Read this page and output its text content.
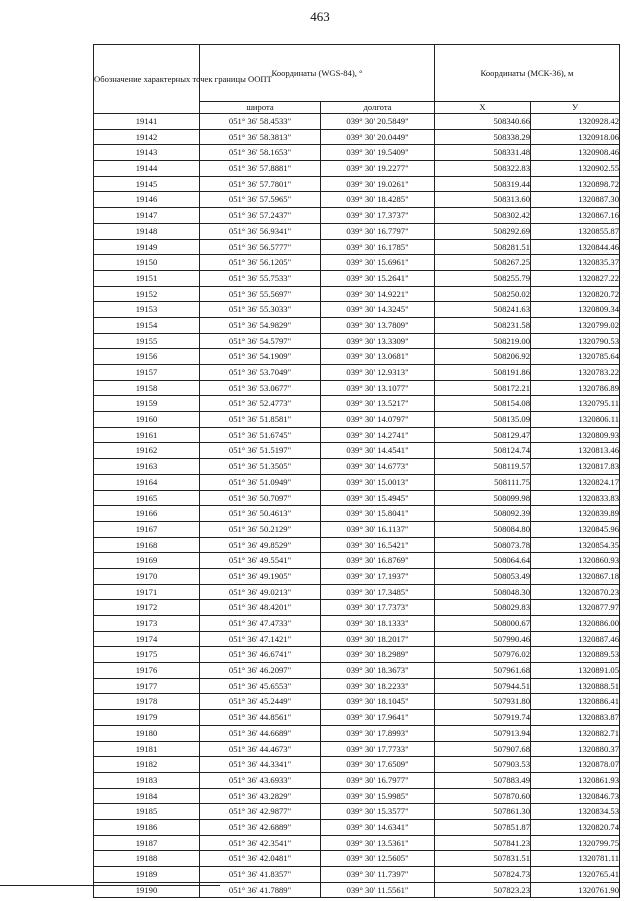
463
Обозначение характерных точек границы ООПТ	Координаты (WGS-84), °		Координаты (МСК-36), м	
	широта	долгота	X	У
19141	051° 36' 58.4533"	039° 30' 20.5849"	508340.66	1320928.42
19142	051° 36' 58.3813"	039° 30' 20.0449"	508338.29	1320918.06
19143	051° 36' 58.1653"	039° 30' 19.5409"	508331.48	1320908.46
19144	051° 36' 57.8881"	039° 30' 19.2277"	508322.83	1320902.55
19145	051° 36' 57.7801"	039° 30' 19.0261"	508319.44	1320898.72
19146	051° 36' 57.5965"	039° 30' 18.4285"	508313.60	1320887.30
19147	051° 36' 57.2437"	039° 30' 17.3737"	508302.42	1320867.16
19148	051° 36' 56.9341"	039° 30' 16.7797"	508292.69	1320855.87
19149	051° 36' 56.5777"	039° 30' 16.1785"	508281.51	1320844.46
19150	051° 36' 56.1205"	039° 30' 15.6961"	508267.25	1320835.37
19151	051° 36' 55.7533"	039° 30' 15.2641"	508255.79	1320827.22
19152	051° 36' 55.5697"	039° 30' 14.9221"	508250.02	1320820.72
19153	051° 36' 55.3033"	039° 30' 14.3245"	508241.63	1320809.34
19154	051° 36' 54.9829"	039° 30' 13.7809"	508231.58	1320799.02
19155	051° 36' 54.5797"	039° 30' 13.3309"	508219.00	1320790.53
19156	051° 36' 54.1909"	039° 30' 13.0681"	508206.92	1320785.64
19157	051° 36' 53.7049"	039° 30' 12.9313"	508191.86	1320783.22
19158	051° 36' 53.0677"	039° 30' 13.1077"	508172.21	1320786.89
19159	051° 36' 52.4773"	039° 30' 13.5217"	508154.08	1320795.11
19160	051° 36' 51.8581"	039° 30' 14.0797"	508135.09	1320806.11
19161	051° 36' 51.6745"	039° 30' 14.2741"	508129.47	1320809.93
19162	051° 36' 51.5197"	039° 30' 14.4541"	508124.74	1320813.46
19163	051° 36' 51.3505"	039° 30' 14.6773"	508119.57	1320817.83
19164	051° 36' 51.0949"	039° 30' 15.0013"	508111.75	1320824.17
19165	051° 36' 50.7097"	039° 30' 15.4945"	508099.98	1320833.83
19166	051° 36' 50.4613"	039° 30' 15.8041"	508092.39	1320839.89
19167	051° 36' 50.2129"	039° 30' 16.1137"	508084.80	1320845.96
19168	051° 36' 49.8529"	039° 30' 16.5421"	508073.78	1320854.35
19169	051° 36' 49.5541"	039° 30' 16.8769"	508064.64	1320860.93
19170	051° 36' 49.1905"	039° 30' 17.1937"	508053.49	1320867.18
19171	051° 36' 49.0213"	039° 30' 17.3485"	508048.30	1320870.23
19172	051° 36' 48.4201"	039° 30' 17.7373"	508029.83	1320877.97
19173	051° 36' 47.4733"	039° 30' 18.1333"	508000.67	1320886.00
19174	051° 36' 47.1421"	039° 30' 18.2017"	507990.46	1320887.46
19175	051° 36' 46.6741"	039° 30' 18.2989"	507976.02	1320889.53
19176	051° 36' 46.2097"	039° 30' 18.3673"	507961.68	1320891.05
19177	051° 36' 45.6553"	039° 30' 18.2233"	507944.51	1320888.51
19178	051° 36' 45.2449"	039° 30' 18.1045"	507931.80	1320886.41
19179	051° 36' 44.8561"	039° 30' 17.9641"	507919.74	1320883.87
19180	051° 36' 44.6689"	039° 30' 17.8993"	507913.94	1320882.71
19181	051° 36' 44.4673"	039° 30' 17.7733"	507907.68	1320880.37
19182	051° 36' 44.3341"	039° 30' 17.6509"	507903.53	1320878.07
19183	051° 36' 43.6933"	039° 30' 16.7977"	507883.49	1320861.93
19184	051° 36' 43.2829"	039° 30' 15.9985"	507870.60	1320846.73
19185	051° 36' 42.9877"	039° 30' 15.3577"	507861.30	1320834.53
19186	051° 36' 42.6889"	039° 30' 14.6341"	507851.87	1320820.74
19187	051° 36' 42.3541"	039° 30' 13.5361"	507841.23	1320799.75
19188	051° 36' 42.0481"	039° 30' 12.5605"	507831.51	1320781.11
19189	051° 36' 41.8357"	039° 30' 11.7397"	507824.73	1320765.41
19190	051° 36' 41.7889"	039° 30' 11.5561"	507823.23	1320761.90
